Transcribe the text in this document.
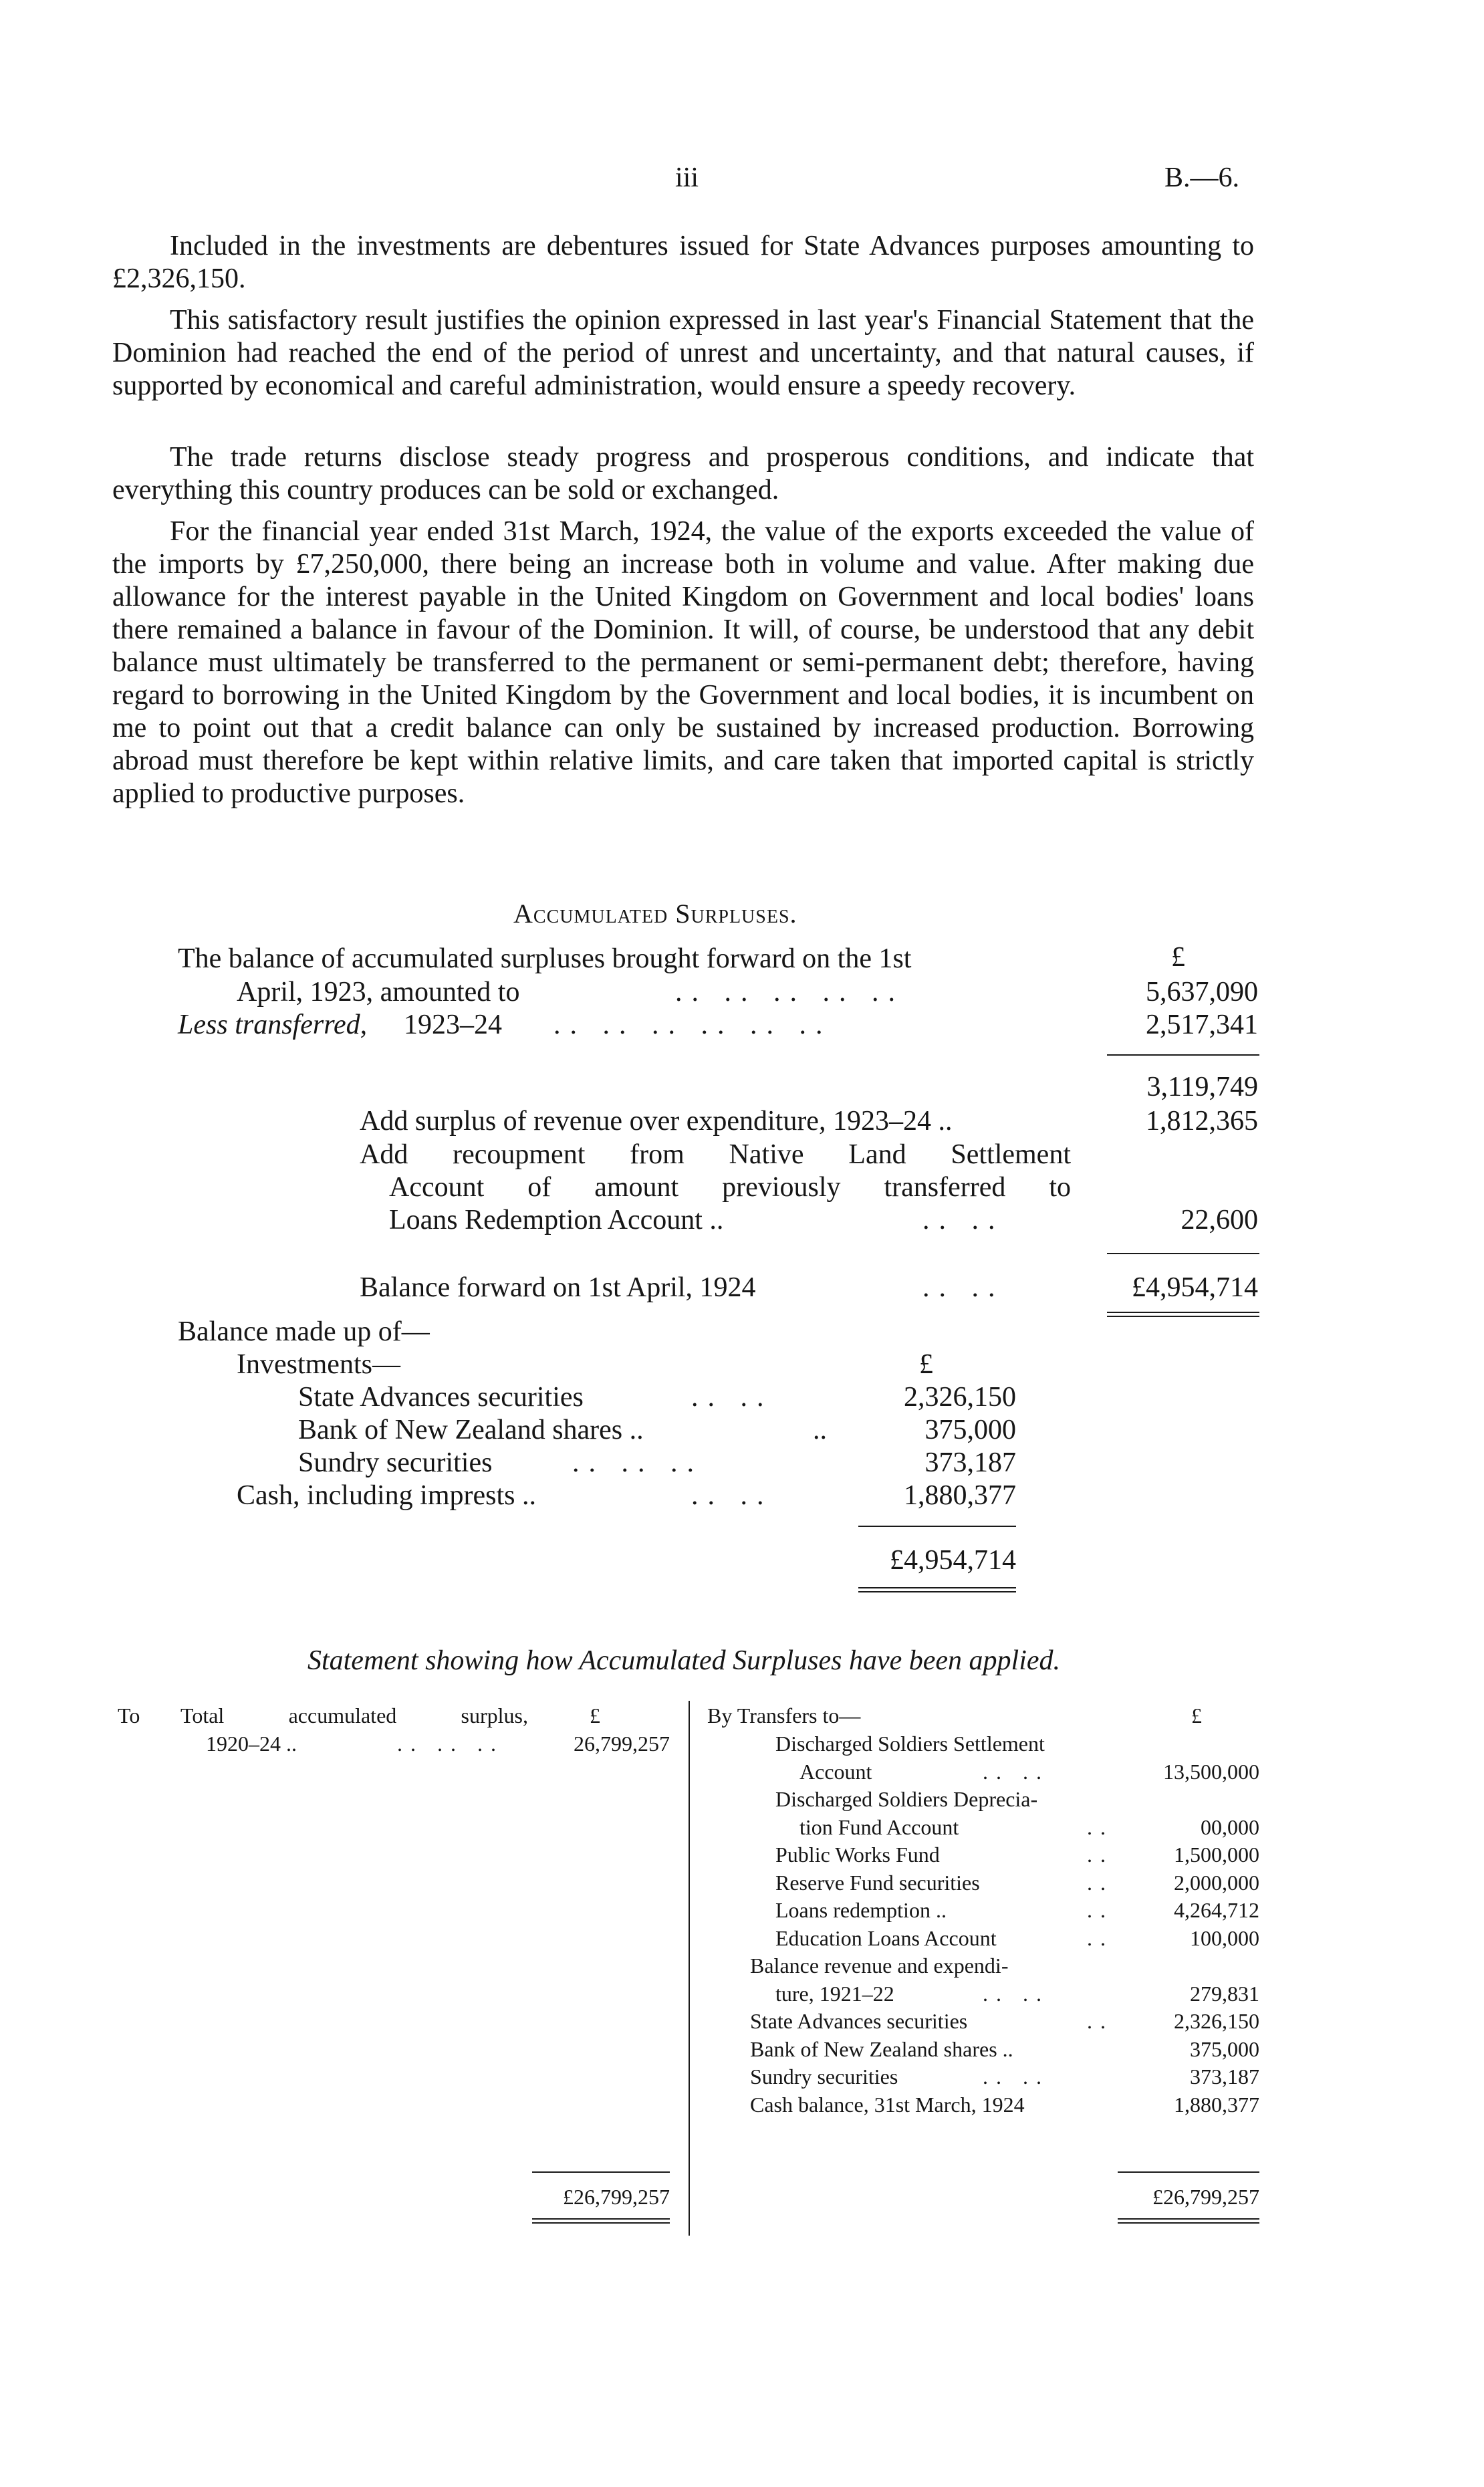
iii	B.—6.

Included in the investments are debentures issued for State Advances purposes amounting to £2,326,150.

This satisfactory result justifies the opinion expressed in last year's Financial Statement that the Dominion had reached the end of the period of unrest and uncertainty, and that natural causes, if supported by economical and careful administration, would ensure a speedy recovery.

The trade returns disclose steady progress and prosperous conditions, and indicate that everything this country produces can be sold or exchanged.

For the financial year ended 31st March, 1924, the value of the exports exceeded the value of the imports by £7,250,000, there being an increase both in volume and value. After making due allowance for the interest payable in the United Kingdom on Government and local bodies' loans there remained a balance in favour of the Dominion. It will, of course, be understood that any debit balance must ultimately be transferred to the permanent or semi-permanent debt; therefore, having regard to borrowing in the United Kingdom by the Government and local bodies, it is incumbent on me to point out that a credit balance can only be sustained by increased production. Borrowing abroad must therefore be kept within relative limits, and care taken that imported capital is strictly applied to productive purposes.

Accumulated Surpluses.
£
The balance of accumulated surpluses brought forward on the 1st
April, 1923, amounted to	.. .. .. .. ..	5,637,090
Less transferred, 1923–24 .. .. .. .. .. ..	2,517,341
3,119,749
Add surplus of revenue over expenditure, 1923–24 ..	1,812,365
Add recoupment from Native Land Settlement
Account of amount previously transferred to
Loans Redemption Account ..	.. ..	22,600
Balance forward on 1st April, 1924	.. ..	£4,954,714
Balance made up of—
Investments—	£
State Advances securities	.. ..	2,326,150
Bank of New Zealand shares ..	..	375,000
Sundry securities	.. .. ..	373,187
Cash, including imprests ..	.. ..	1,880,377
£4,954,714
Statement showing how Accumulated Surpluses have been applied.
To Total accumulated surplus,	£
1920–24 ..	.. .. ..	26,799,257
£26,799,257
By Transfers to—	£
Discharged Soldiers Settlement
Account	.. ..	13,500,000
Discharged Soldiers Deprecia-
tion Fund Account	..	00,000
Public Works Fund	..	1,500,000
Reserve Fund securities	..	2,000,000
Loans redemption ..	..	4,264,712
Education Loans Account	..	100,000
Balance revenue and expendi-
ture, 1921–22	.. ..	279,831
State Advances securities	..	2,326,150
Bank of New Zealand shares ..	375,000
Sundry securities	.. ..	373,187
Cash balance, 31st March, 1924	1,880,377
£26,799,257
